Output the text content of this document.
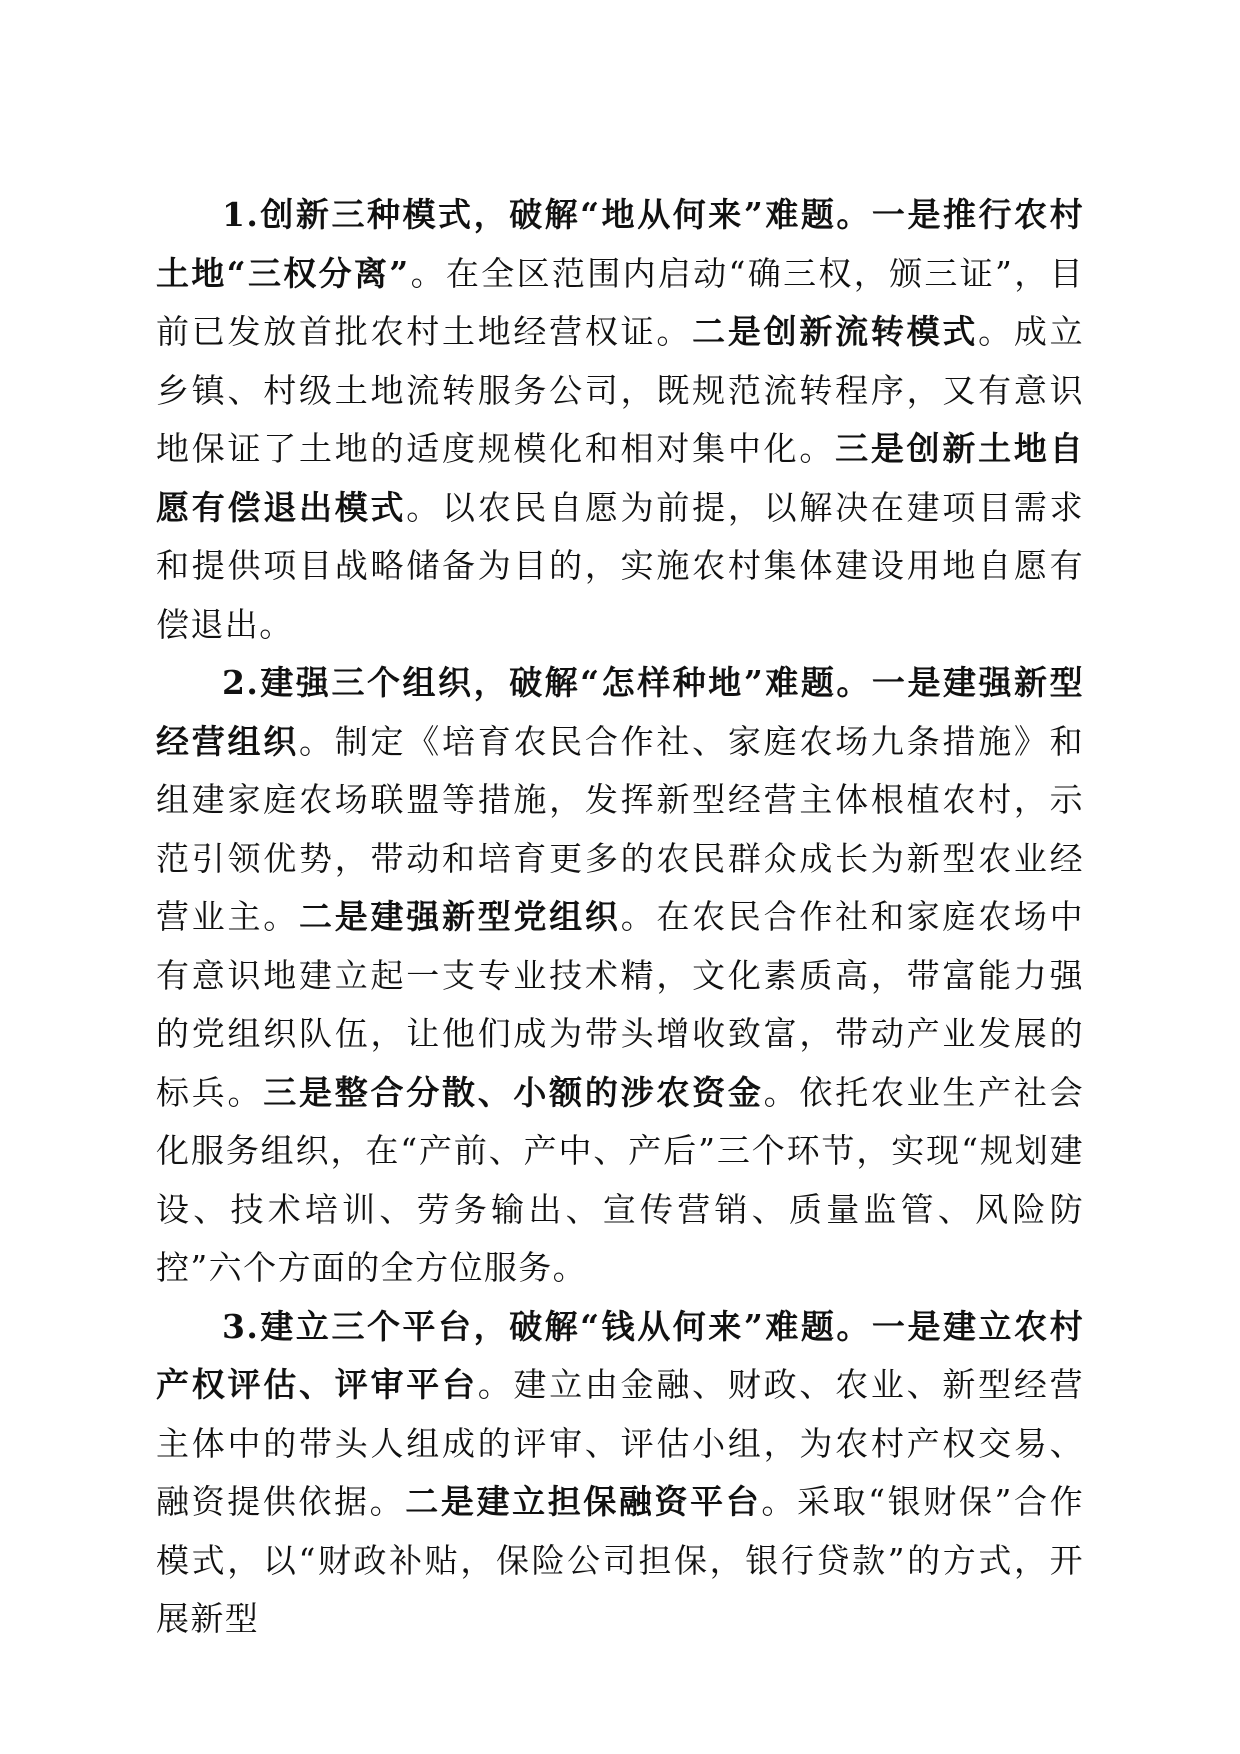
1.创新三种模式，破解“地从何来”难题。一是推行农村土地“三权分离”。在全区范围内启动“确三权，颁三证”，目前已发放首批农村土地经营权证。二是创新流转模式。成立乡镇、村级土地流转服务公司，既规范流转程序，又有意识地保证了土地的适度规模化和相对集中化。三是创新土地自愿有偿退出模式。以农民自愿为前提，以解决在建项目需求和提供项目战略储备为目的，实施农村集体建设用地自愿有偿退出。

2.建强三个组织，破解“怎样种地”难题。一是建强新型经营组织。制定《培育农民合作社、家庭农场九条措施》和组建家庭农场联盟等措施，发挥新型经营主体根植农村，示范引领优势，带动和培育更多的农民群众成长为新型农业经营业主。二是建强新型党组织。在农民合作社和家庭农场中有意识地建立起一支专业技术精，文化素质高，带富能力强的党组织队伍，让他们成为带头增收致富，带动产业发展的标兵。三是整合分散、小额的涉农资金。依托农业生产社会化服务组织，在“产前、产中、产后”三个环节，实现“规划建设、技术培训、劳务输出、宣传营销、质量监管、风险防控”六个方面的全方位服务。

3.建立三个平台，破解“钱从何来”难题。一是建立农村产权评估、评审平台。建立由金融、财政、农业、新型经营主体中的带头人组成的评审、评估小组，为农村产权交易、融资提供依据。二是建立担保融资平台。采取“银财保”合作模式，以“财政补贴，保险公司担保，银行贷款”的方式，开展新型
